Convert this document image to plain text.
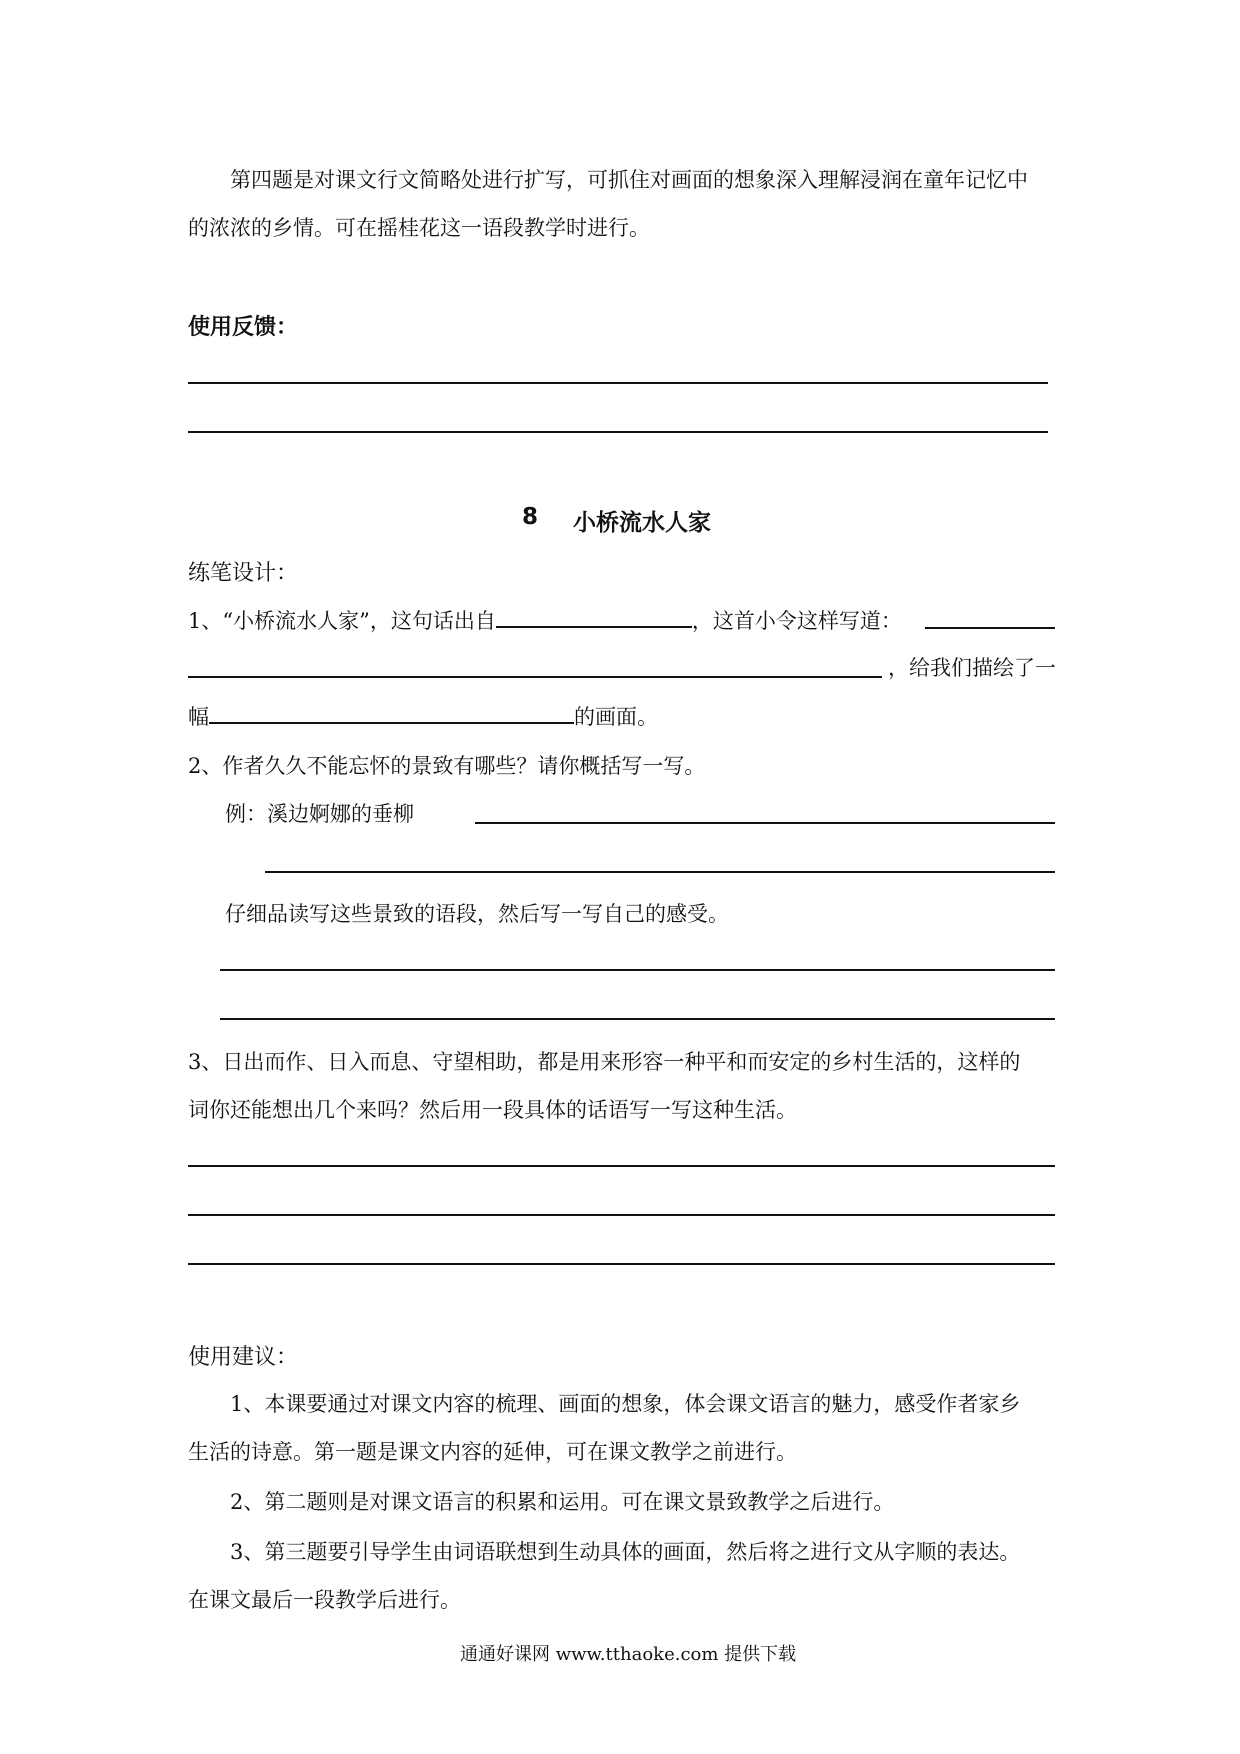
第四题是对课文行文简略处进行扩写，可抓住对画面的想象深入理解浸润在童年记忆中
的浓浓的乡情。可在摇桂花这一语段教学时进行。
使用反馈：
8 小桥流水人家
练笔设计：
1、“小桥流水人家”，这句话出自	，这首小令这样写道：
，给我们描绘了一
幅	的画面。
2、作者久久不能忘怀的景致有哪些？请你概括写一写。
例：溪边婀娜的垂柳
仔细品读写这些景致的语段，然后写一写自己的感受。
3、日出而作、日入而息、守望相助，都是用来形容一种平和而安定的乡村生活的，这样的
词你还能想出几个来吗？然后用一段具体的话语写一写这种生活。
使用建议：
1、本课要通过对课文内容的梳理、画面的想象，体会课文语言的魅力，感受作者家乡
生活的诗意。第一题是课文内容的延伸，可在课文教学之前进行。
2、第二题则是对课文语言的积累和运用。可在课文景致教学之后进行。
3、第三题要引导学生由词语联想到生动具体的画面，然后将之进行文从字顺的表达。
在课文最后一段教学后进行。
通通好课网 www.tthaoke.com 提供下载
